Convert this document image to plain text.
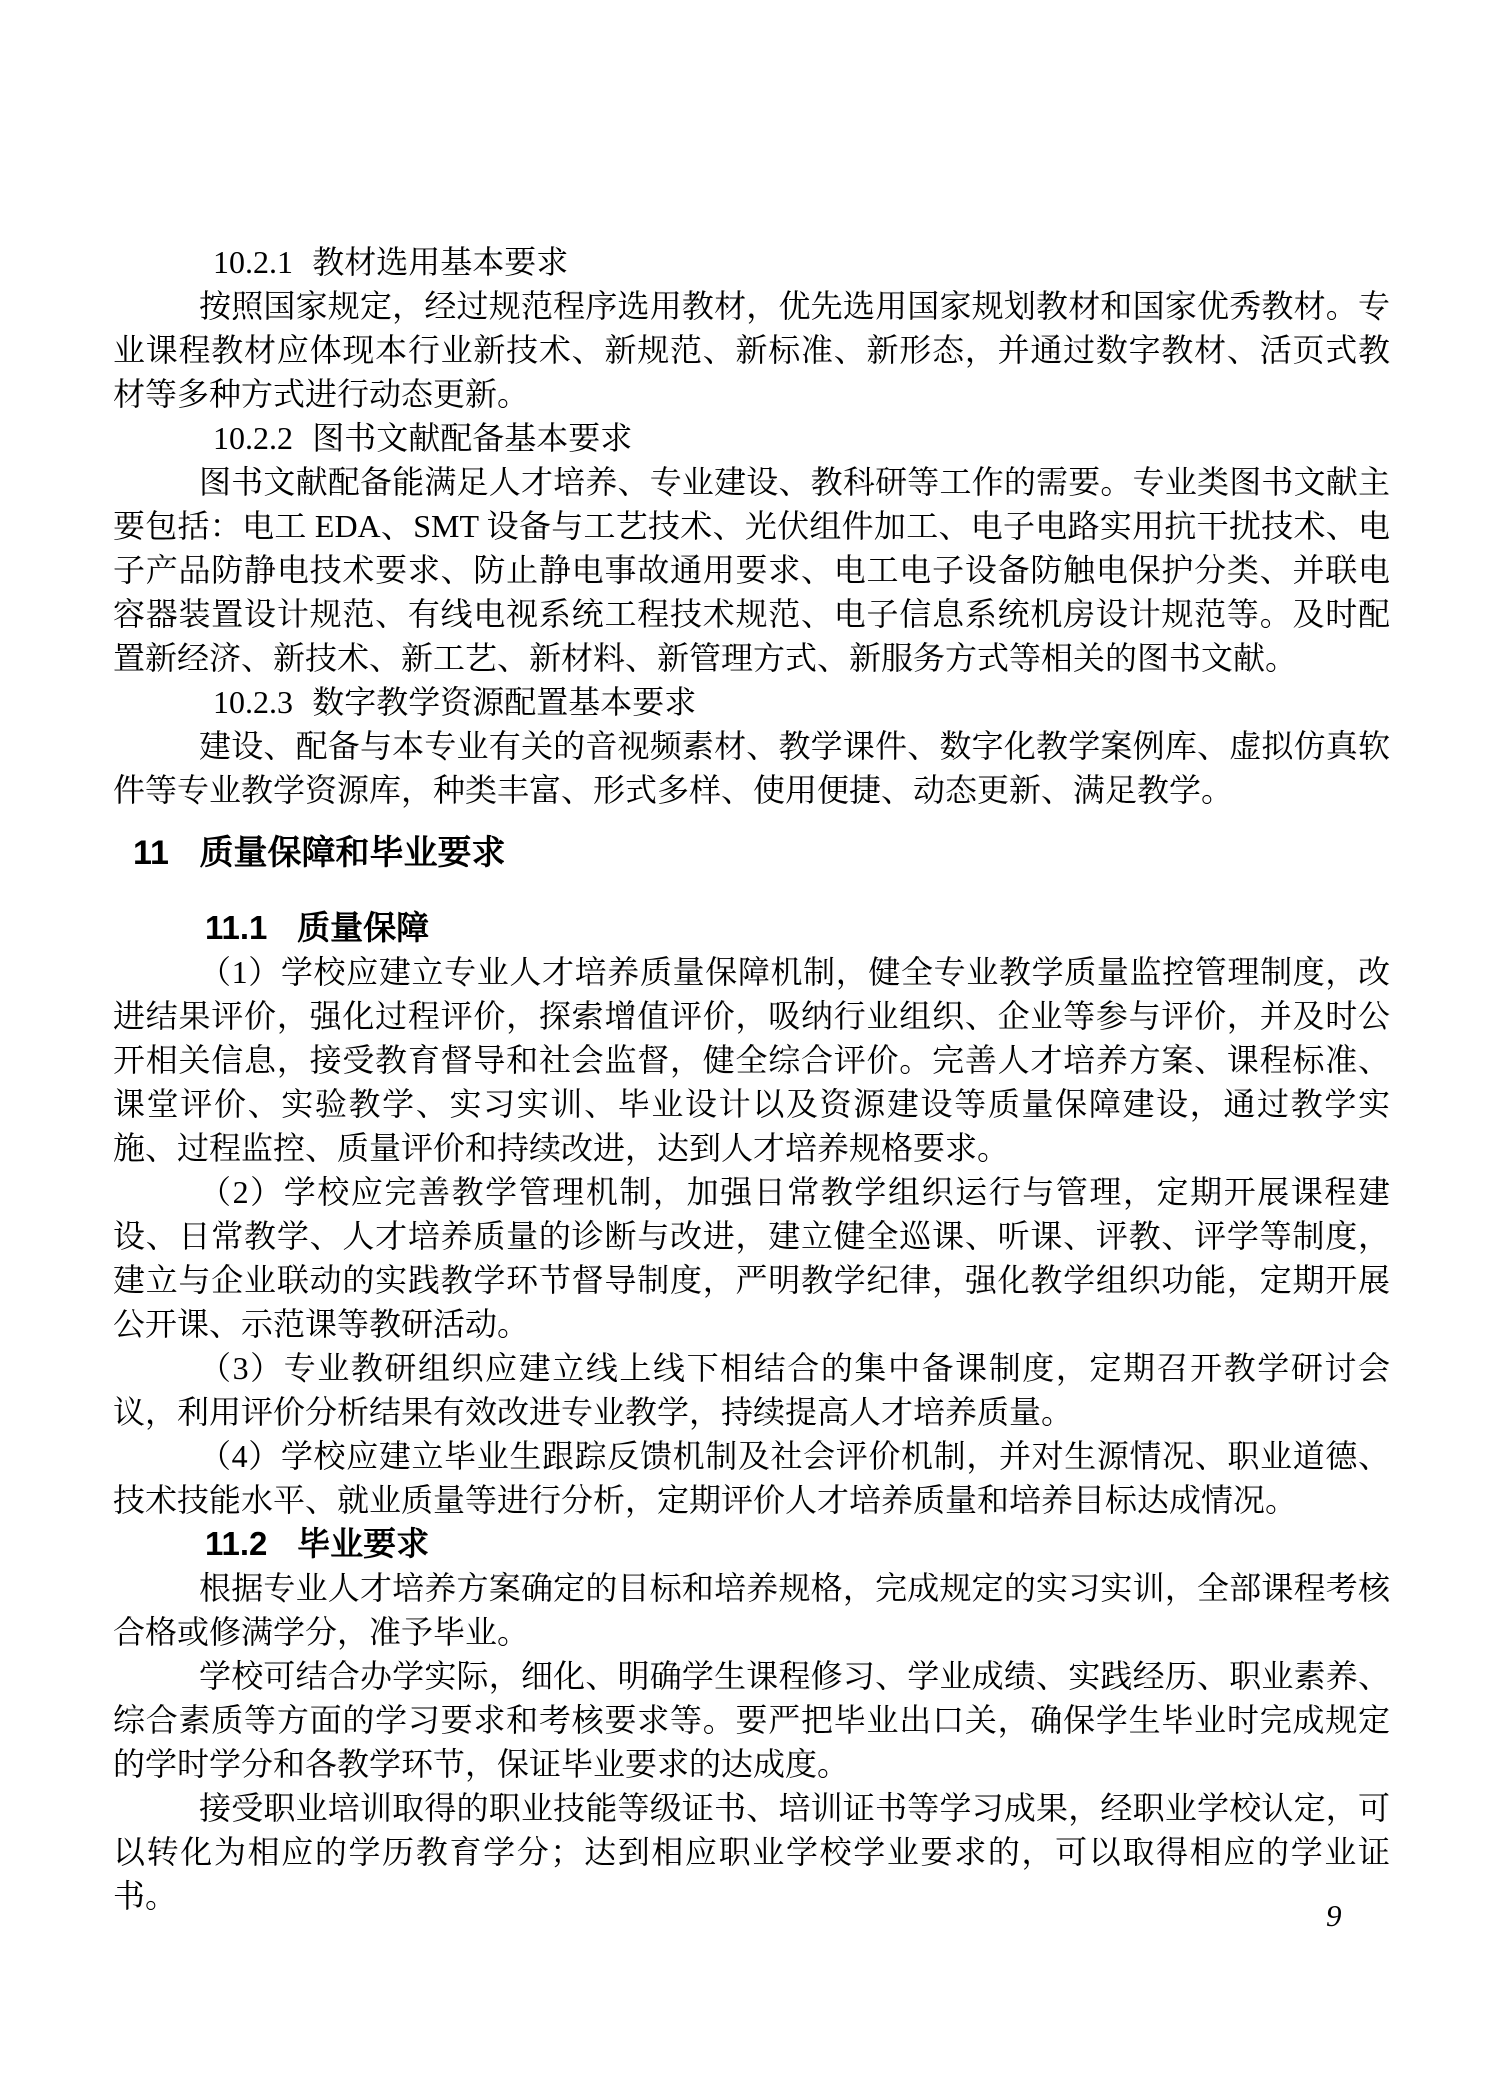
10.2.1 教材选用基本要求

按照国家规定，经过规范程序选用教材，优先选用国家规划教材和国家优秀教材。专业课程教材应体现本行业新技术、新规范、新标准、新形态，并通过数字教材、活页式教材等多种方式进行动态更新。

10.2.2 图书文献配备基本要求

图书文献配备能满足人才培养、专业建设、教科研等工作的需要。专业类图书文献主要包括：电工 EDA、SMT 设备与工艺技术、光伏组件加工、电子电路实用抗干扰技术、电子产品防静电技术要求、防止静电事故通用要求、电工电子设备防触电保护分类、并联电容器装置设计规范、有线电视系统工程技术规范、电子信息系统机房设计规范等。及时配置新经济、新技术、新工艺、新材料、新管理方式、新服务方式等相关的图书文献。

10.2.3 数字教学资源配置基本要求

建设、配备与本专业有关的音视频素材、教学课件、数字化教学案例库、虚拟仿真软件等专业教学资源库，种类丰富、形式多样、使用便捷、动态更新、满足教学。

11 质量保障和毕业要求
11.1 质量保障

（1）学校应建立专业人才培养质量保障机制，健全专业教学质量监控管理制度，改进结果评价，强化过程评价，探索增值评价，吸纳行业组织、企业等参与评价，并及时公开相关信息，接受教育督导和社会监督，健全综合评价。完善人才培养方案、课程标准、课堂评价、实验教学、实习实训、毕业设计以及资源建设等质量保障建设，通过教学实施、过程监控、质量评价和持续改进，达到人才培养规格要求。

（2）学校应完善教学管理机制，加强日常教学组织运行与管理，定期开展课程建设、日常教学、人才培养质量的诊断与改进，建立健全巡课、听课、评教、评学等制度，建立与企业联动的实践教学环节督导制度，严明教学纪律，强化教学组织功能，定期开展公开课、示范课等教研活动。

（3）专业教研组织应建立线上线下相结合的集中备课制度，定期召开教学研讨会议，利用评价分析结果有效改进专业教学，持续提高人才培养质量。

（4）学校应建立毕业生跟踪反馈机制及社会评价机制，并对生源情况、职业道德、技术技能水平、就业质量等进行分析，定期评价人才培养质量和培养目标达成情况。

11.2 毕业要求

根据专业人才培养方案确定的目标和培养规格，完成规定的实习实训，全部课程考核合格或修满学分，准予毕业。

学校可结合办学实际，细化、明确学生课程修习、学业成绩、实践经历、职业素养、综合素质等方面的学习要求和考核要求等。要严把毕业出口关，确保学生毕业时完成规定的学时学分和各教学环节，保证毕业要求的达成度。

接受职业培训取得的职业技能等级证书、培训证书等学习成果，经职业学校认定，可以转化为相应的学历教育学分；达到相应职业学校学业要求的，可以取得相应的学业证书。

9
